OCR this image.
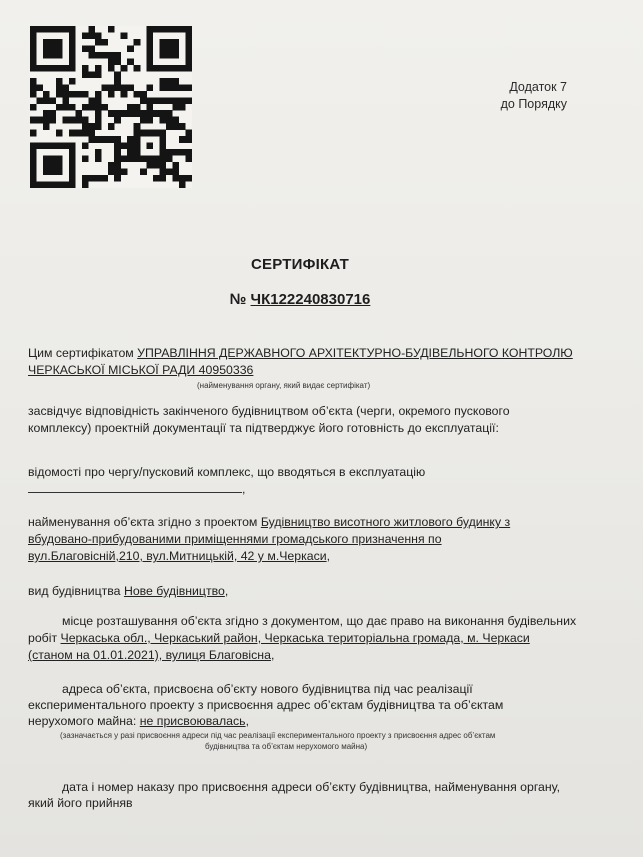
Додаток 7
до Порядку
СЕРТИФІКАТ
№ ЧК122240830716
Цим сертифікатом УПРАВЛІННЯ ДЕРЖАВНОГО АРХІТЕКТУРНО-БУДІВЕЛЬНОГО КОНТРОЛЮ
ЧЕРКАСЬКОЇ МІСЬКОЇ РАДИ 40950336
(найменування органу, який видає сертифікат)
засвідчує відповідність закінченого будівництвом об’єкта (черги, окремого пускового
комплексу) проектній документації та підтверджує його готовність до експлуатації:
відомості про чергу/пусковий комплекс, що вводяться в експлуатацію
,
найменування об’єкта згідно з проектом Будівництво висотного житлового будинку з
вбудовано-прибудованими приміщеннями громадського призначення по
вул.Благовісній,210, вул.Митницькій, 42 у м.Черкаси,
вид будівництва Нове будівництво,
місце розташування об’єкта згідно з документом, що дає право на виконання будівельних
робіт Черкаська обл., Черкаський район, Черкаська територіальна громада, м. Черкаси
(станом на 01.01.2021), вулиця Благовісна,
адреса об’єкта, присвоєна об’єкту нового будівництва під час реалізації
експериментального проекту з присвоєння адрес об’єктам будівництва та об’єктам
нерухомого майна: не присвоювалась,
(зазначається у разі присвоєння адреси під час реалізації експериментального проекту з присвоєння адрес об’єктам
будівництва та об’єктам нерухомого майна)
дата і номер наказу про присвоєння адреси об’єкту будівництва, найменування органу,
який його прийняв
